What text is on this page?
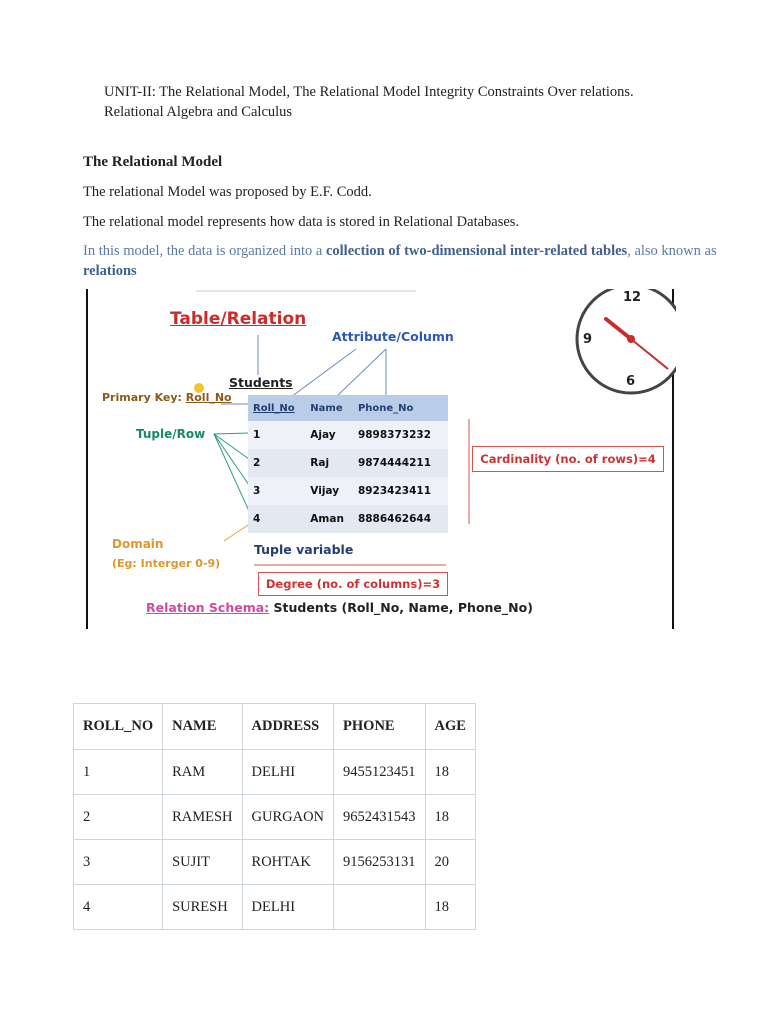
UNIT-II: The Relational Model, The Relational Model Integrity Constraints Over relations.
Relational Algebra and Calculus
The Relational Model
The relational Model was proposed by E.F. Codd.
The relational model represents how data is stored in Relational Databases.
In this model, the data is organized into a collection of two-dimensional inter-related tables, also known as relations
Table/Relation
Attribute/Column
Students
Primary Key: Roll_No
Tuple/Row
Domain
(Eg: Interger 0-9)
Tuple variable
Relation Schema: Students (Roll_No, Name, Phone_No)
12
9
6
Cardinality (no. of rows)=4
Degree (no. of columns)=3
Roll_No	Name	Phone_No
1	Ajay	9898373232
2	Raj	9874444211
3	Vijay	8923423411
4	Aman	8886462644
ROLL_NO	NAME	ADDRESS	PHONE	AGE
1	RAM	DELHI	9455123451	18
2	RAMESH	GURGAON	9652431543	18
3	SUJIT	ROHTAK	9156253131	20
4	SURESH	DELHI		18
